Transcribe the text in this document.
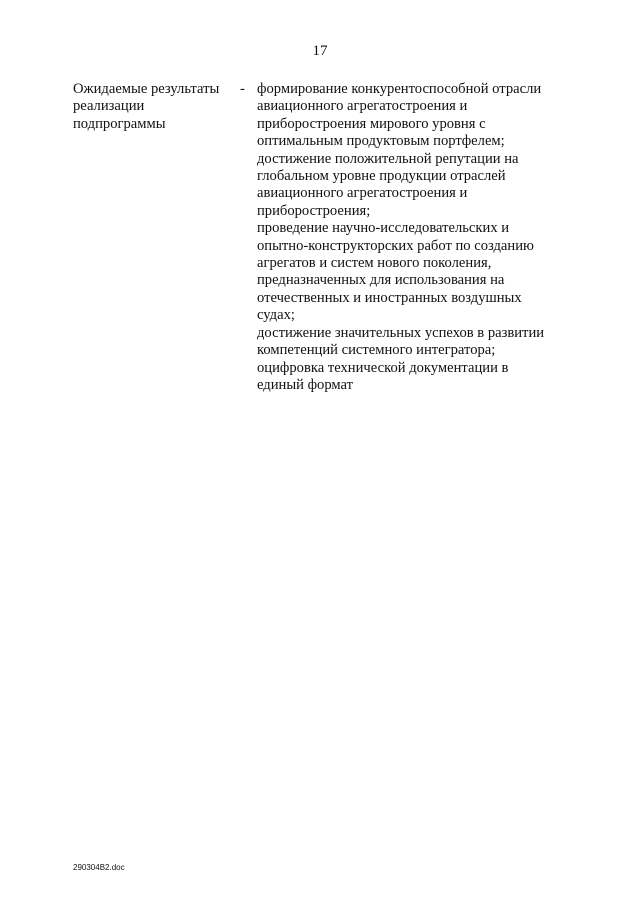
17
Ожидаемые результаты
реализации
подпрограммы
- формирование конкурентоспособной отрасли
авиационного агрегатостроения и
приборостроения мирового уровня с
оптимальным продуктовым портфелем;
достижение положительной репутации на
глобальном уровне продукции отраслей
авиационного агрегатостроения и
приборостроения;
проведение научно-исследовательских и
опытно-конструкторских работ по созданию
агрегатов и систем нового поколения,
предназначенных для использования на
отечественных и иностранных воздушных
судах;
достижение значительных успехов в развитии
компетенций системного интегратора;
оцифровка технической документации в
единый формат
290304B2.doc
